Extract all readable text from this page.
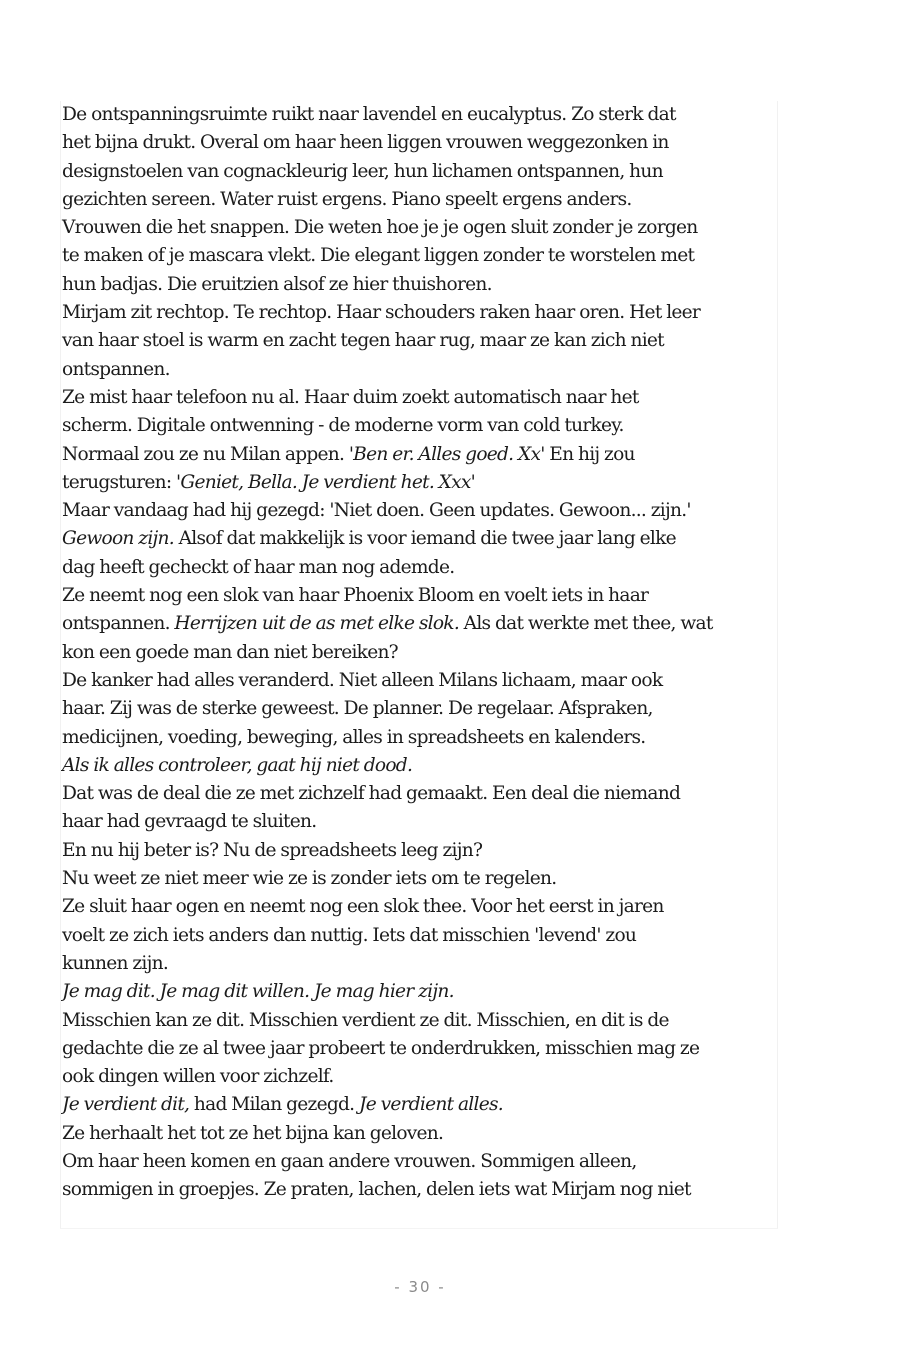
De ontspanningsruimte ruikt naar lavendel en eucalyptus. Zo sterk dat
het bijna drukt. Overal om haar heen liggen vrouwen weggezonken in
designstoelen van cognackleurig leer, hun lichamen ontspannen, hun
gezichten sereen. Water ruist ergens. Piano speelt ergens anders.
Vrouwen die het snappen. Die weten hoe je je ogen sluit zonder je zorgen
te maken of je mascara vlekt. Die elegant liggen zonder te worstelen met
hun badjas. Die eruitzien alsof ze hier thuishoren.
Mirjam zit rechtop. Te rechtop. Haar schouders raken haar oren. Het leer
van haar stoel is warm en zacht tegen haar rug, maar ze kan zich niet
ontspannen.
Ze mist haar telefoon nu al. Haar duim zoekt automatisch naar het
scherm. Digitale ontwenning - de moderne vorm van cold turkey.
Normaal zou ze nu Milan appen. 'Ben er. Alles goed. Xx' En hij zou
terugsturen: 'Geniet, Bella. Je verdient het. Xxx'
Maar vandaag had hij gezegd: 'Niet doen. Geen updates. Gewoon... zijn.'
Gewoon zijn. Alsof dat makkelijk is voor iemand die twee jaar lang elke
dag heeft gecheckt of haar man nog ademde.
Ze neemt nog een slok van haar Phoenix Bloom en voelt iets in haar
ontspannen. Herrijzen uit de as met elke slok. Als dat werkte met thee, wat
kon een goede man dan niet bereiken?
De kanker had alles veranderd. Niet alleen Milans lichaam, maar ook
haar. Zij was de sterke geweest. De planner. De regelaar. Afspraken,
medicijnen, voeding, beweging, alles in spreadsheets en kalenders.
Als ik alles controleer, gaat hij niet dood.
Dat was de deal die ze met zichzelf had gemaakt. Een deal die niemand
haar had gevraagd te sluiten.
En nu hij beter is? Nu de spreadsheets leeg zijn?
Nu weet ze niet meer wie ze is zonder iets om te regelen.
Ze sluit haar ogen en neemt nog een slok thee. Voor het eerst in jaren
voelt ze zich iets anders dan nuttig. Iets dat misschien 'levend' zou
kunnen zijn.
Je mag dit. Je mag dit willen. Je mag hier zijn.
Misschien kan ze dit. Misschien verdient ze dit. Misschien, en dit is de
gedachte die ze al twee jaar probeert te onderdrukken, misschien mag ze
ook dingen willen voor zichzelf.
Je verdient dit, had Milan gezegd. Je verdient alles.
Ze herhaalt het tot ze het bijna kan geloven.
Om haar heen komen en gaan andere vrouwen. Sommigen alleen,
sommigen in groepjes. Ze praten, lachen, delen iets wat Mirjam nog niet
- 30 -
